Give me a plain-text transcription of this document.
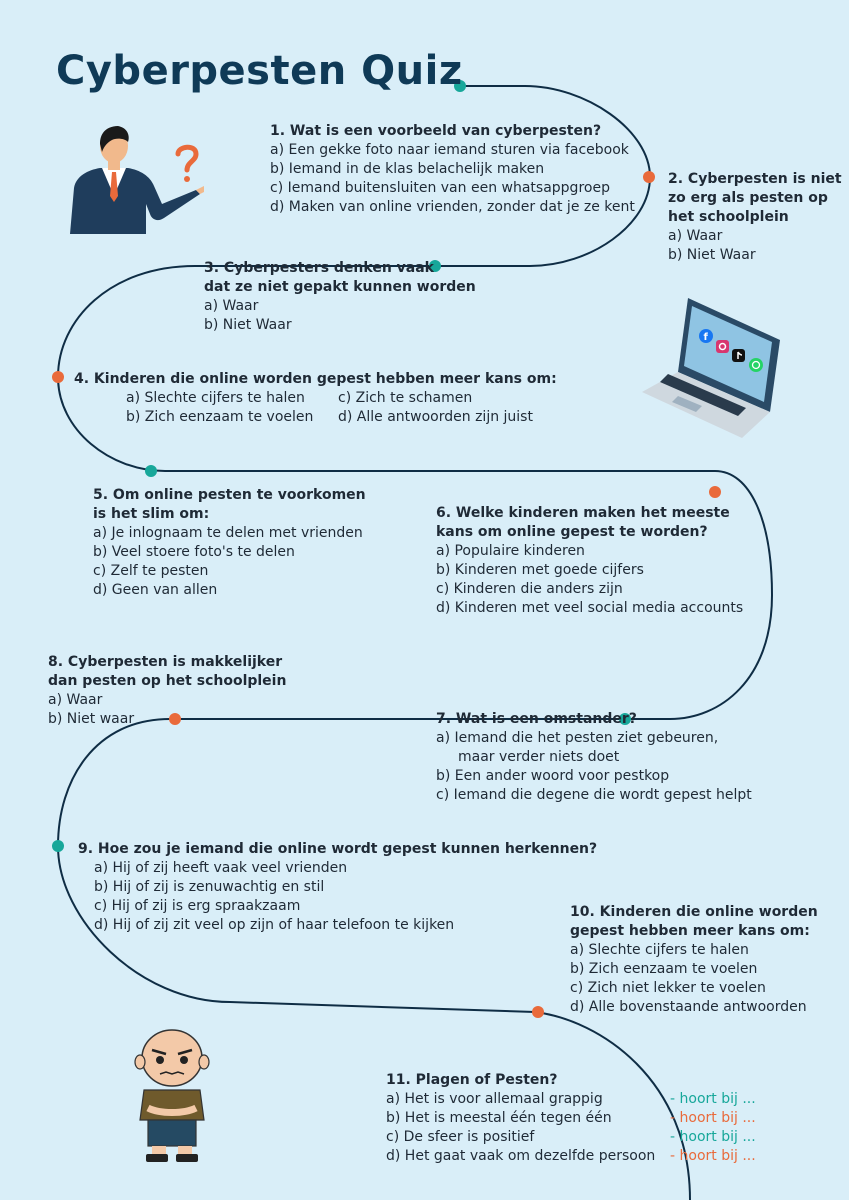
Cyberpesten Quiz
f
1. Wat is een voorbeeld van cyberpesten?
a) Een gekke foto naar iemand sturen via facebook
b) Iemand in de klas belachelijk maken
c) Iemand buitensluiten van een whatsappgroep
d) Maken van online vrienden, zonder dat je ze kent
2. Cyberpesten is niet
zo erg als pesten op
het schoolplein
a) Waar
b) Niet Waar
3. Cyberpesters denken vaak
dat ze niet gepakt kunnen worden
a) Waar
b) Niet Waar
4. Kinderen die online worden gepest hebben meer kans om:
a) Slechte cijfers te halen
b) Zich eenzaam te voelen
c) Zich te schamen
d) Alle antwoorden zijn juist
5. Om online pesten te voorkomen
is het slim om:
a) Je inlognaam te delen met vrienden
b) Veel stoere foto's te delen
c) Zelf te pesten
d) Geen van allen
6. Welke kinderen maken het meeste
kans om online gepest te worden?
a) Populaire kinderen
b) Kinderen met goede cijfers
c) Kinderen die anders zijn
d) Kinderen met veel social media accounts
8. Cyberpesten is makkelijker
dan pesten op het schoolplein
a) Waar
b) Niet waar	7. Wat is een omstander?
a) Iemand die het pesten ziet gebeuren,
maar verder niets doet
b) Een ander woord voor pestkop
c) Iemand die degene die wordt gepest helpt
9. Hoe zou je iemand die online wordt gepest kunnen herkennen?
a) Hij of zij heeft vaak veel vrienden
b) Hij of zij is zenuwachtig en stil
c) Hij of zij is erg spraakzaam
d) Hij of zij zit veel op zijn of haar telefoon te kijken
10. Kinderen die online worden
gepest hebben meer kans om:
a) Slechte cijfers te halen
b) Zich eenzaam te voelen
c) Zich niet lekker te voelen
d) Alle bovenstaande antwoorden
11. Plagen of Pesten?
a) Het is voor allemaal grappig
b) Het is meestal één tegen één
c) De sfeer is positief
d) Het gaat vaak om dezelfde persoon
- hoort bij ...
- hoort bij ...
- hoort bij ...
- hoort bij ...
